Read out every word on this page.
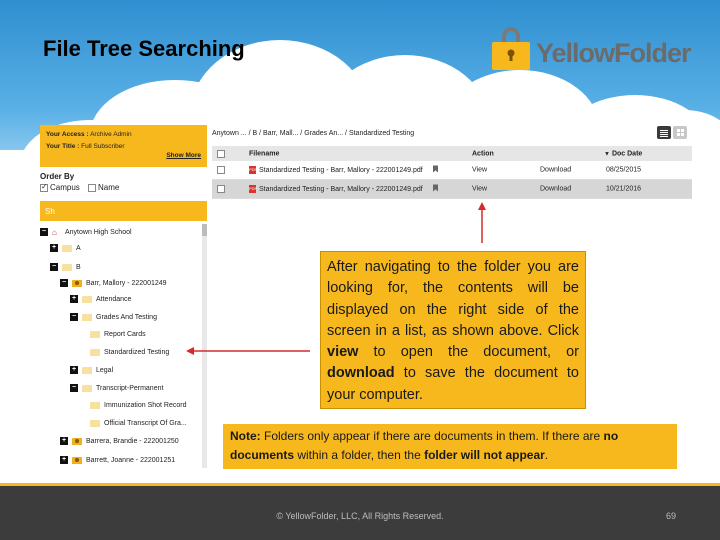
File Tree Searching	YellowFolder
Your Access : Archive Admin
Your Title : Full Subscriber
Show More
Order By
✓Campus Name
Sh
− ⌂	Anytown High School
+	A
−	B
−	Barr, Mallory - 222001249
+	Attendance
−	Grades And Testing
Report Cards
Standardized Testing
+	Legal
−	Transcript-Permanent
Immunization Shot Record
Official Transcript Of Gra...
+	Barrera, Brandie - 222001250
+	Barrett, Joanne - 222001251
Anytown ... / B / Barr, Mall... / Grades An... / Standardized Testing
Filename	Action	▼ Doc Date
PDF Standardized Testing - Barr, Mallory - 222001249.pdf	View	Download	08/25/2015
PDF Standardized Testing - Barr, Mallory - 222001249.pdf	View	Download	10/21/2016
After navigating to the folder you are looking for, the contents will be displayed on the right side of the screen in a list, as shown above. Click view to open the document, or download to save the document to your computer.
Note: Folders only appear if there are documents in them. If there are no documents within a folder, then the folder will not appear.
© YellowFolder, LLC, All Rights Reserved.	69
